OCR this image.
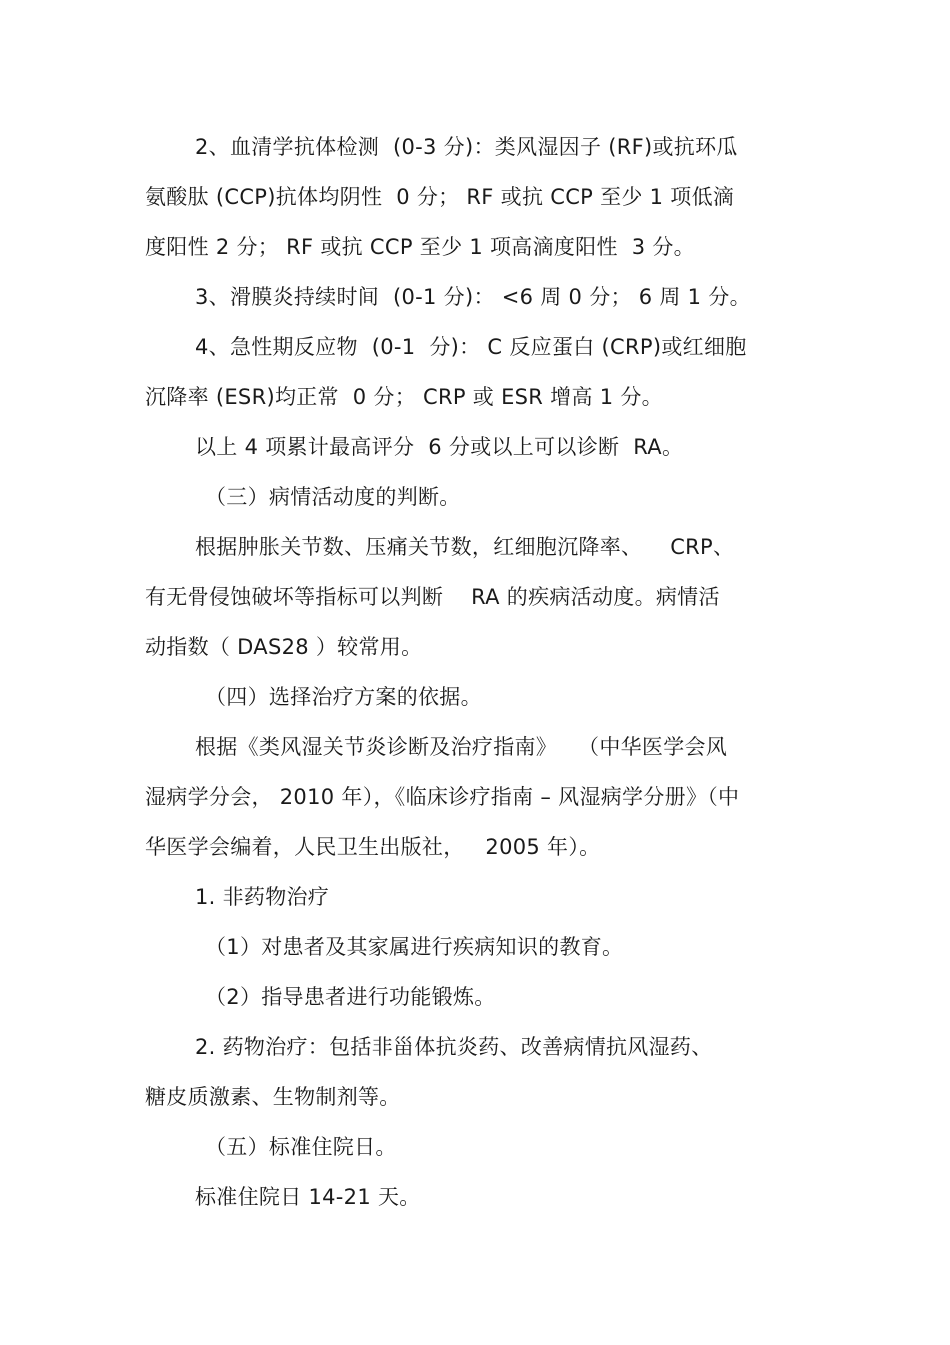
2、血清学抗体检测  (0-3 分)：类风湿因子 (RF)或抗环瓜
氨酸肽 (CCP)抗体均阴性  0 分； RF 或抗 CCP 至少 1 项低滴
度阳性 2 分； RF 或抗 CCP 至少 1 项高滴度阳性  3 分。
3、滑膜炎持续时间  (0-1 分)： <6 周 0 分； 6 周 1 分。
4、急性期反应物  (0-1  分)： C 反应蛋白 (CRP)或红细胞
沉降率 (ESR)均正常  0 分； CRP 或 ESR 增高 1 分。
以上 4 项累计最高评分  6 分或以上可以诊断  RA。
（三）病情活动度的判断。
根据肿胀关节数、压痛关节数，红细胞沉降率、    CRP、
有无骨侵蚀破坏等指标可以判断    RA 的疾病活动度。病情活
动指数（ DAS28 ）较常用。
（四）选择治疗方案的依据。
根据《类风湿关节炎诊断及治疗指南》   （中华医学会风
湿病学分会， 2010 年），《临床诊疗指南 – 风湿病学分册》（中
华医学会编着，人民卫生出版社，   2005 年）。
1. 非药物治疗
（1）对患者及其家属进行疾病知识的教育。
（2）指导患者进行功能锻炼。
2. 药物治疗：包括非甾体抗炎药、改善病情抗风湿药、
糖皮质激素、生物制剂等。
（五）标准住院日。
标准住院日 14-21 天。
